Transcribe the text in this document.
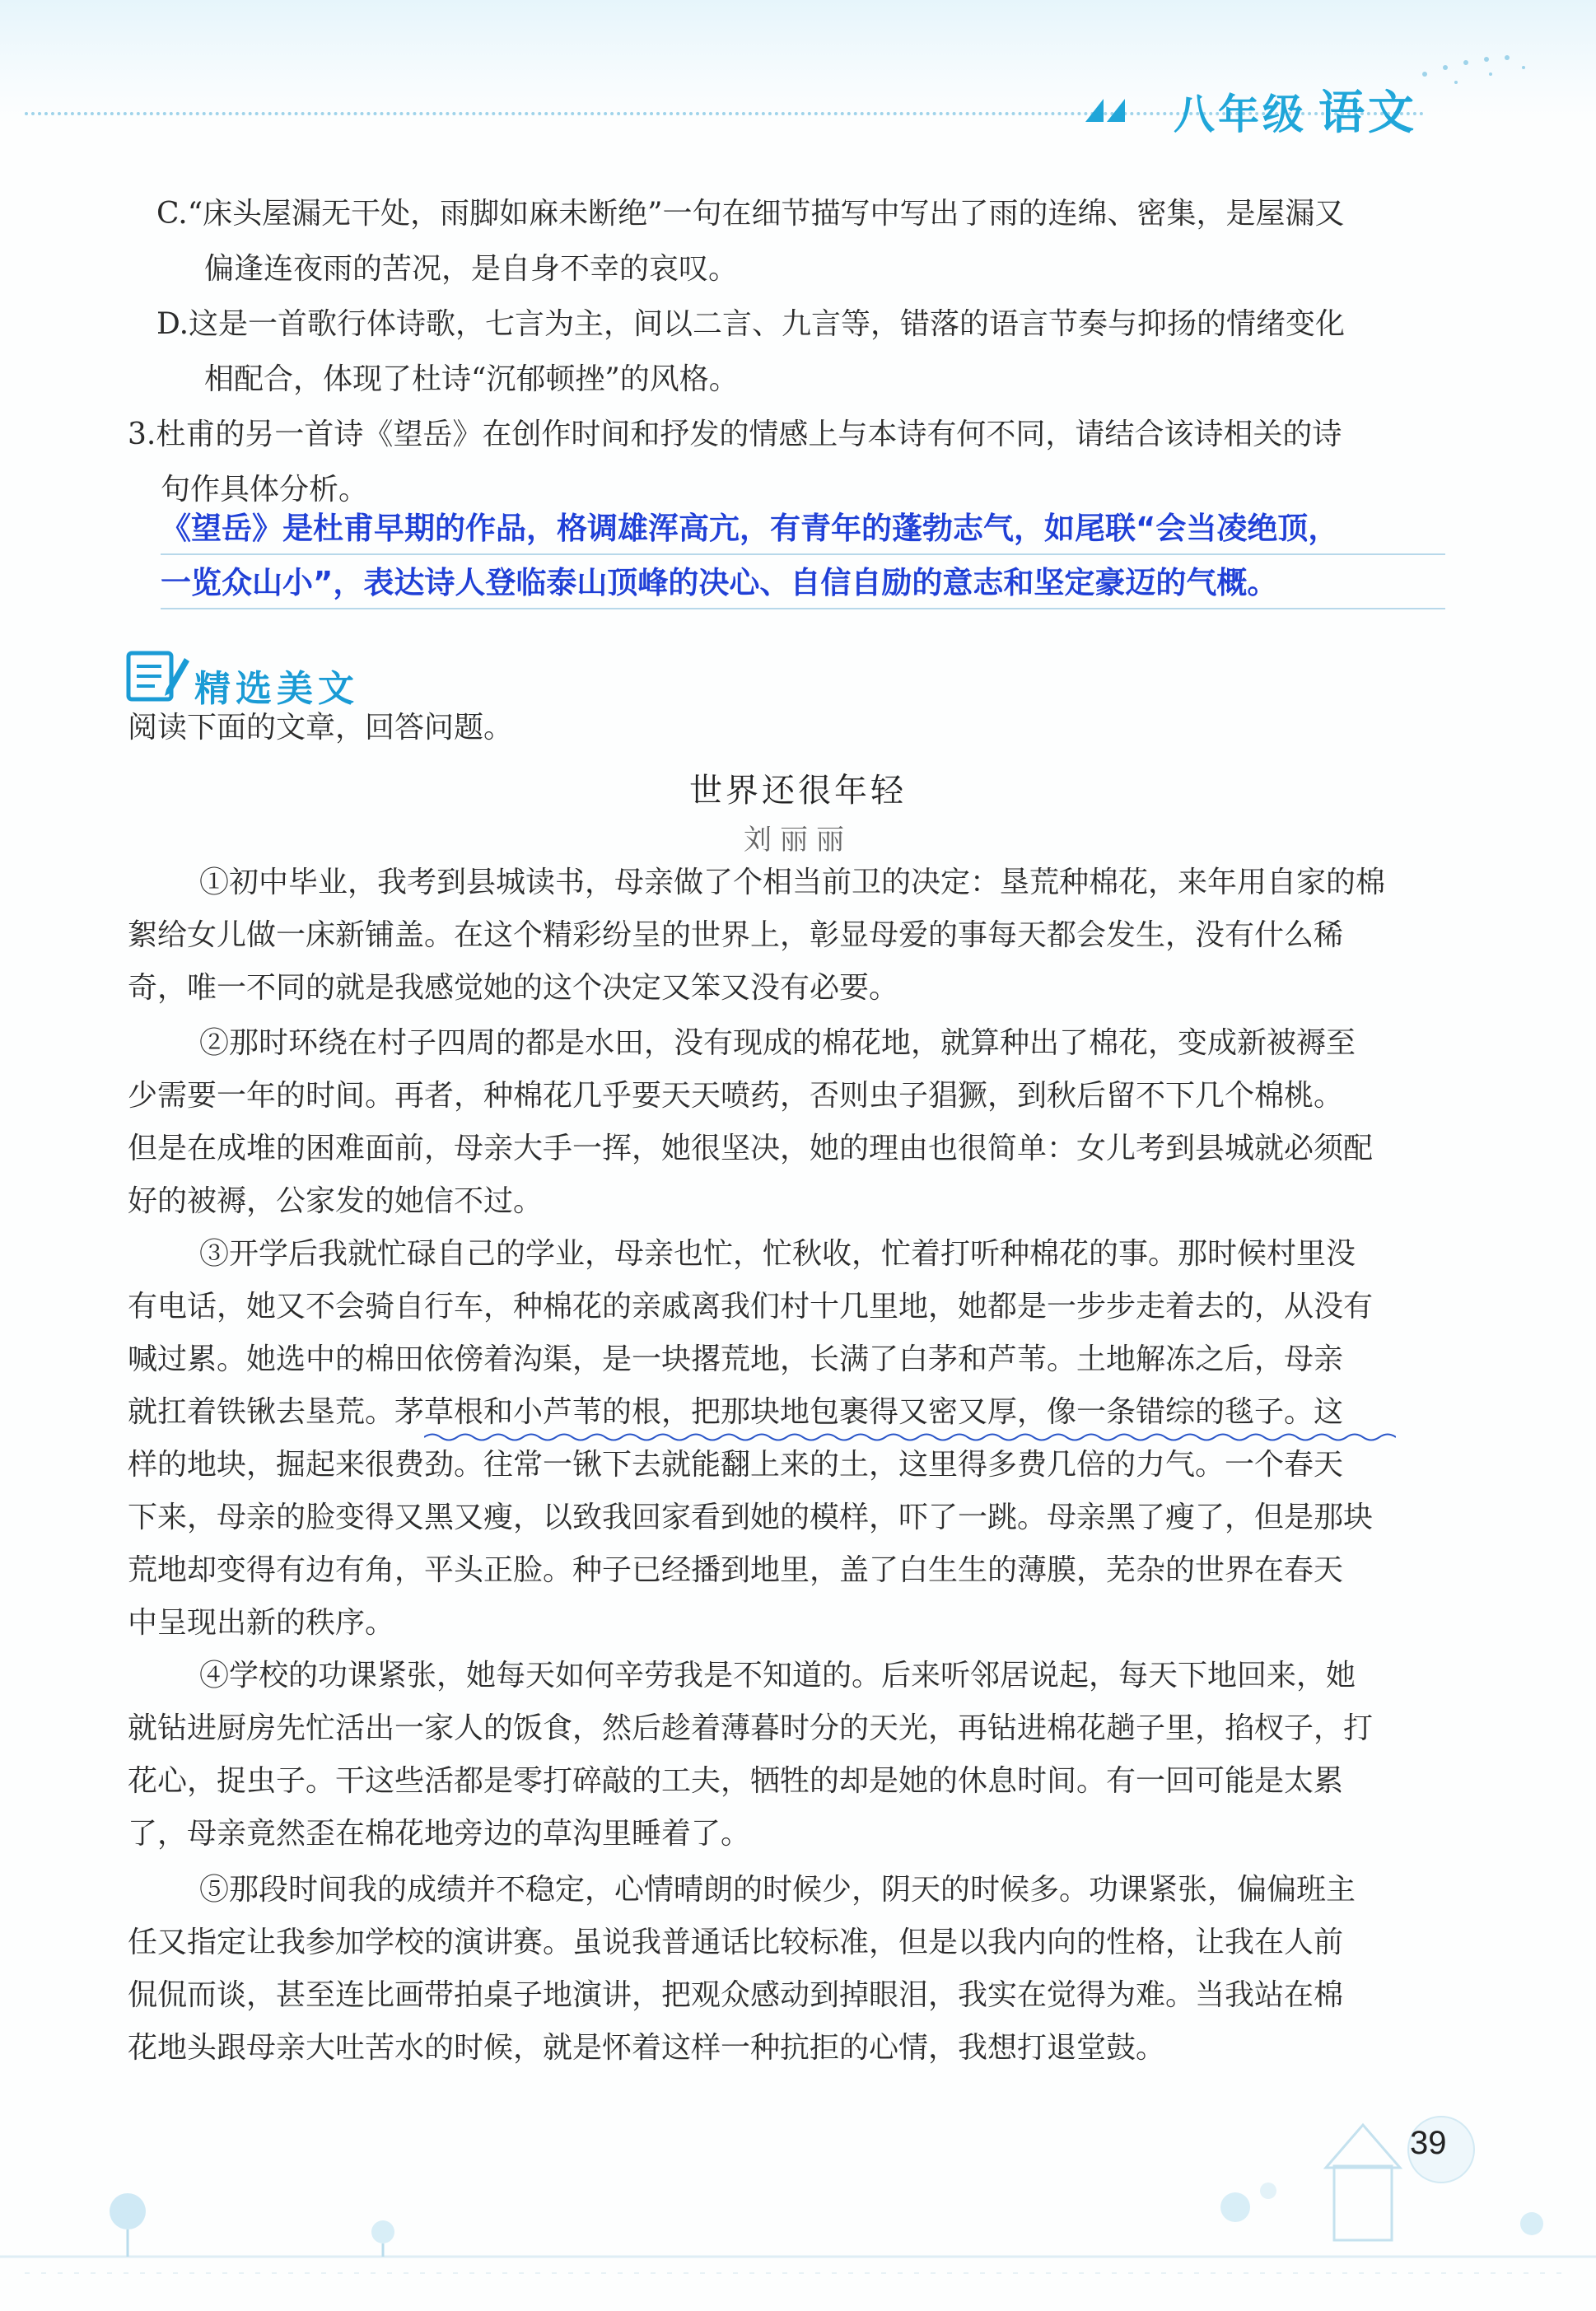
八年级 语文
C.“床头屋漏无干处，雨脚如麻未断绝”一句在细节描写中写出了雨的连绵、密集，是屋漏又
偏逢连夜雨的苦况，是自身不幸的哀叹。
D.这是一首歌行体诗歌，七言为主，间以二言、九言等，错落的语言节奏与抑扬的情绪变化
相配合，体现了杜诗“沉郁顿挫”的风格。
3.杜甫的另一首诗《望岳》在创作时间和抒发的情感上与本诗有何不同，请结合该诗相关的诗
句作具体分析。
《望岳》是杜甫早期的作品，格调雄浑高亢，有青年的蓬勃志气，如尾联“会当凌绝顶，
一览众山小”，表达诗人登临泰山顶峰的决心、自信自励的意志和坚定豪迈的气概。
精选美文
阅读下面的文章，回答问题。
世界还很年轻
刘丽丽
①初中毕业，我考到县城读书，母亲做了个相当前卫的决定：垦荒种棉花，来年用自家的棉
絮给女儿做一床新铺盖。在这个精彩纷呈的世界上，彰显母爱的事每天都会发生，没有什么稀
奇，唯一不同的就是我感觉她的这个决定又笨又没有必要。
②那时环绕在村子四周的都是水田，没有现成的棉花地，就算种出了棉花，变成新被褥至
少需要一年的时间。再者，种棉花几乎要天天喷药，否则虫子猖獗，到秋后留不下几个棉桃。
但是在成堆的困难面前，母亲大手一挥，她很坚决，她的理由也很简单：女儿考到县城就必须配
好的被褥，公家发的她信不过。
③开学后我就忙碌自己的学业，母亲也忙，忙秋收，忙着打听种棉花的事。那时候村里没
有电话，她又不会骑自行车，种棉花的亲戚离我们村十几里地，她都是一步步走着去的，从没有
喊过累。她选中的棉田依傍着沟渠，是一块撂荒地，长满了白茅和芦苇。土地解冻之后，母亲
就扛着铁锹去垦荒。茅草根和小芦苇的根，把那块地包裹得又密又厚，像一条错综的毯子。这
样的地块，掘起来很费劲。往常一锹下去就能翻上来的土，这里得多费几倍的力气。一个春天
下来，母亲的脸变得又黑又瘦，以致我回家看到她的模样，吓了一跳。母亲黑了瘦了，但是那块
荒地却变得有边有角，平头正脸。种子已经播到地里，盖了白生生的薄膜，芜杂的世界在春天
中呈现出新的秩序。
④学校的功课紧张，她每天如何辛劳我是不知道的。后来听邻居说起，每天下地回来，她
就钻进厨房先忙活出一家人的饭食，然后趁着薄暮时分的天光，再钻进棉花趟子里，掐杈子，打
花心，捉虫子。干这些活都是零打碎敲的工夫，牺牲的却是她的休息时间。有一回可能是太累
了，母亲竟然歪在棉花地旁边的草沟里睡着了。
⑤那段时间我的成绩并不稳定，心情晴朗的时候少，阴天的时候多。功课紧张，偏偏班主
任又指定让我参加学校的演讲赛。虽说我普通话比较标准，但是以我内向的性格，让我在人前
侃侃而谈，甚至连比画带拍桌子地演讲，把观众感动到掉眼泪，我实在觉得为难。当我站在棉
花地头跟母亲大吐苦水的时候，就是怀着这样一种抗拒的心情，我想打退堂鼓。
39
